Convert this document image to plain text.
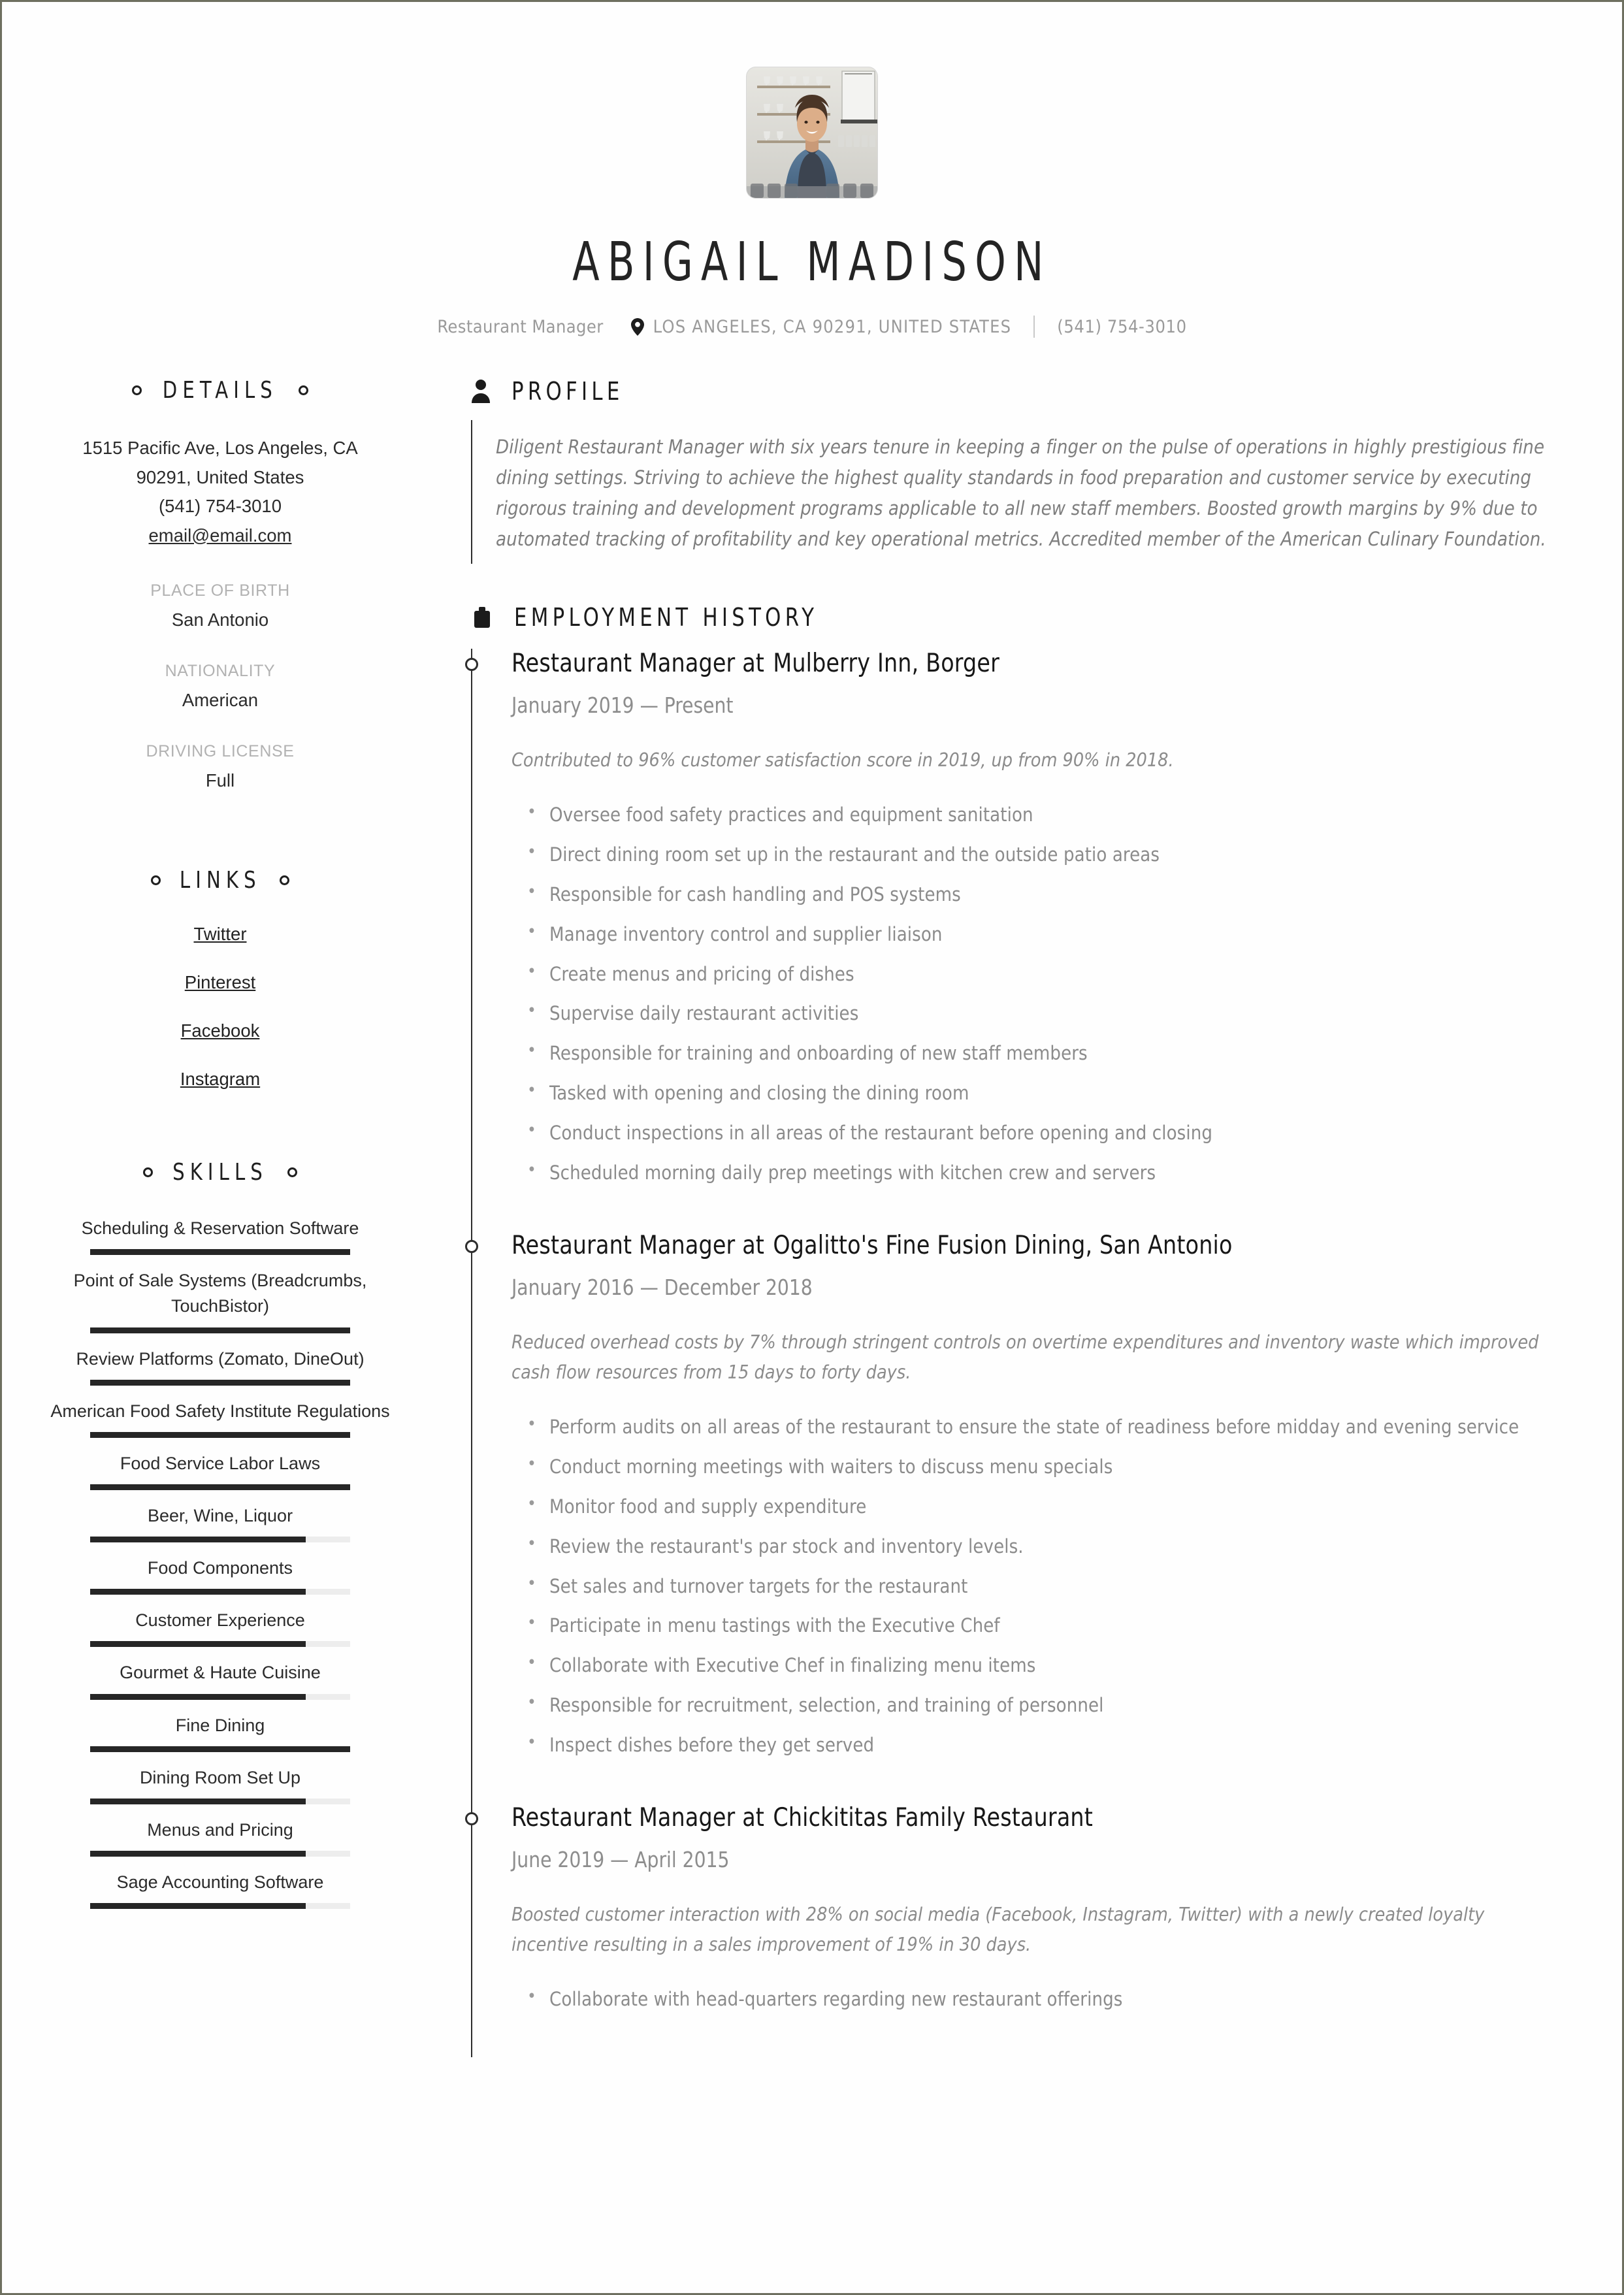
ABIGAIL MADISON
Restaurant Manager	LOS ANGELES, CA 90291, UNITED STATES	(541) 754-3010
DETAILS
1515 Pacific Ave, Los Angeles, CA
90291, United States
(541) 754-3010
email@email.com
PLACE OF BIRTH
San Antonio
NATIONALITY
American
DRIVING LICENSE
Full
LINKS
Twitter
Pinterest
Facebook
Instagram
SKILLS
Scheduling & Reservation Software
Point of Sale Systems (Breadcrumbs, TouchBistor)
Review Platforms (Zomato, DineOut)
American Food Safety Institute Regulations
Food Service Labor Laws
Beer, Wine, Liquor
Food Components
Customer Experience
Gourmet & Haute Cuisine
Fine Dining
Dining Room Set Up
Menus and Pricing
Sage Accounting Software
PROFILE

Diligent Restaurant Manager with six years tenure in keeping a finger on the pulse of operations in highly prestigious fine dining settings. Striving to achieve the highest quality standards in food preparation and customer service by executing rigorous training and development programs applicable to all new staff members. Boosted growth margins by 9% due to automated tracking of profitability and key operational metrics. Accredited member of the American Culinary Foundation.

EMPLOYMENT HISTORY
Restaurant Manager at Mulberry Inn, Borger
January 2019 — Present
Contributed to 96% customer satisfaction score in 2019, up from 90% in 2018.
• Oversee food safety practices and equipment sanitation
• Direct dining room set up in the restaurant and the outside patio areas
• Responsible for cash handling and POS systems
• Manage inventory control and supplier liaison
• Create menus and pricing of dishes
• Supervise daily restaurant activities
• Responsible for training and onboarding of new staff members
• Tasked with opening and closing the dining room
• Conduct inspections in all areas of the restaurant before opening and closing
• Scheduled morning daily prep meetings with kitchen crew and servers
Restaurant Manager at Ogalitto's Fine Fusion Dining, San Antonio
January 2016 — December 2018
Reduced overhead costs by 7% through stringent controls on overtime expenditures and inventory waste which improved cash flow resources from 15 days to forty days.
• Perform audits on all areas of the restaurant to ensure the state of readiness before midday and evening service
• Conduct morning meetings with waiters to discuss menu specials
• Monitor food and supply expenditure
• Review the restaurant's par stock and inventory levels.
• Set sales and turnover targets for the restaurant
• Participate in menu tastings with the Executive Chef
• Collaborate with Executive Chef in finalizing menu items
• Responsible for recruitment, selection, and training of personnel
• Inspect dishes before they get served
Restaurant Manager at Chickititas Family Restaurant
June 2019 — April 2015
Boosted customer interaction with 28% on social media (Facebook, Instagram, Twitter) with a newly created loyalty incentive resulting in a sales improvement of 19% in 30 days.
• Collaborate with head-quarters regarding new restaurant offerings
